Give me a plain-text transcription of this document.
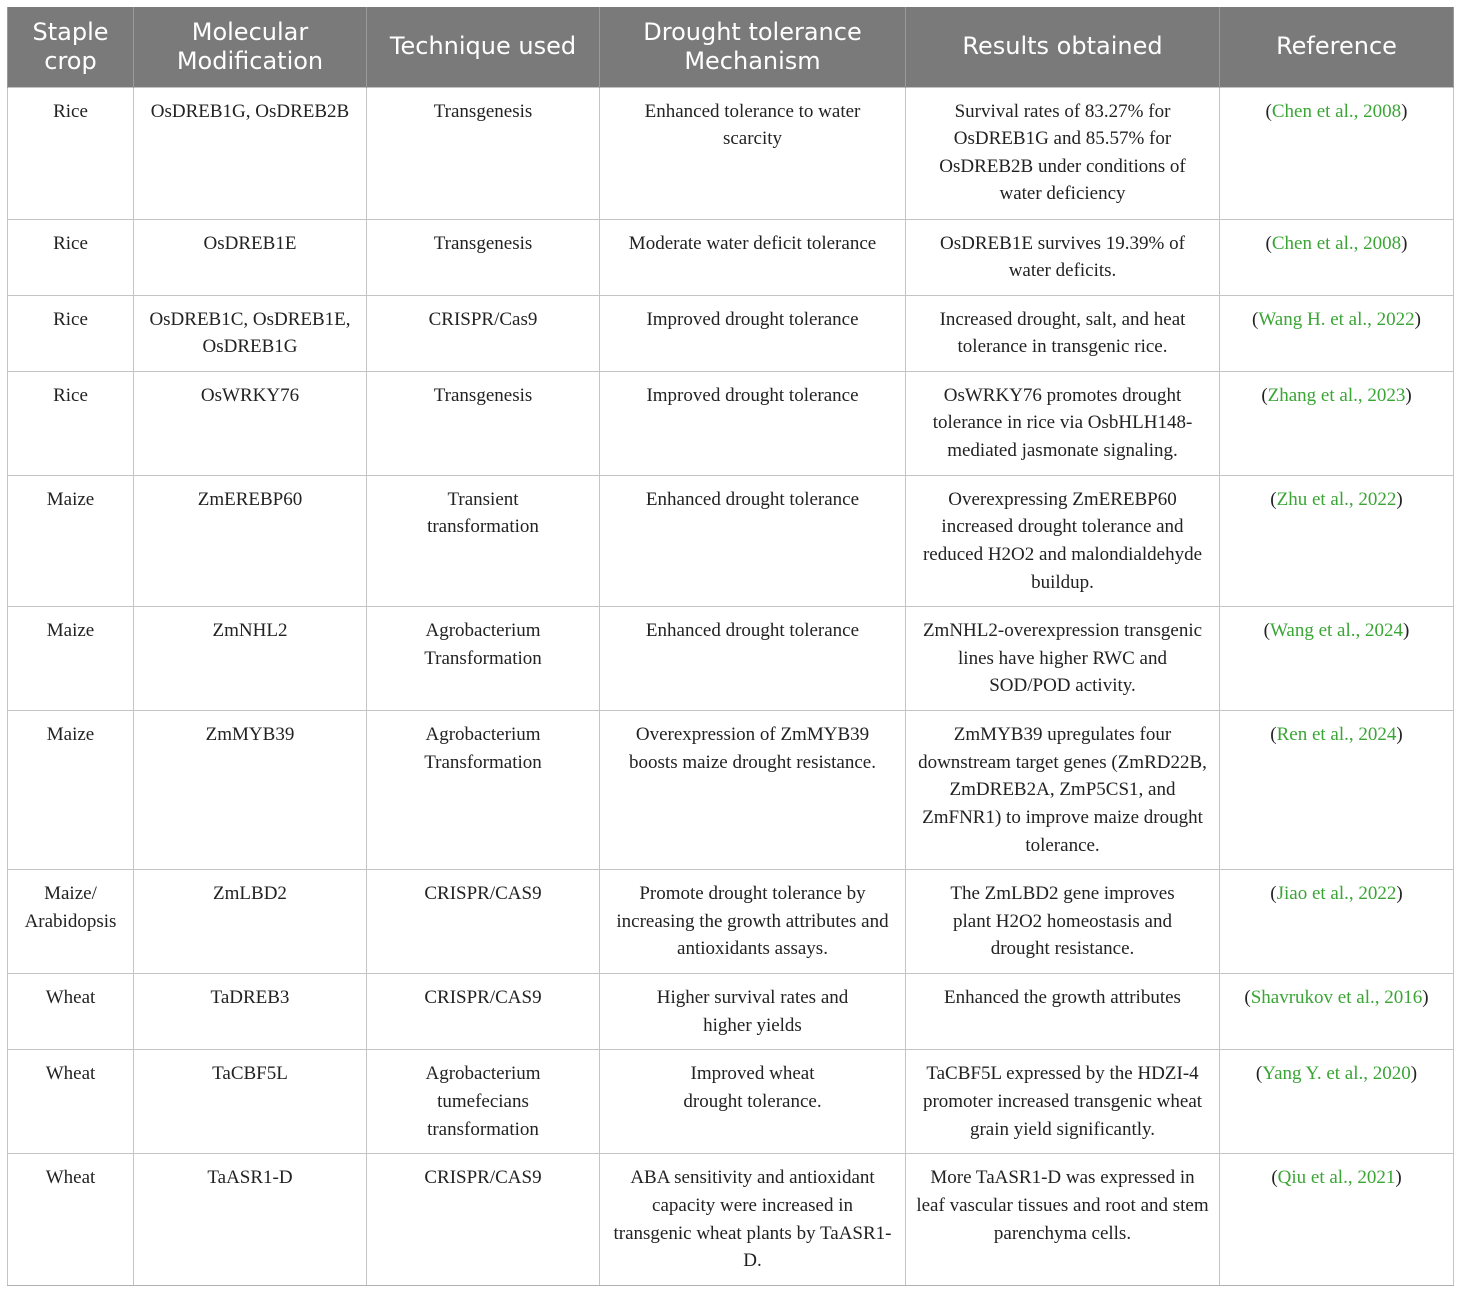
Staple crop	Molecular Modification	Technique used	Drought tolerance Mechanism	Results obtained	Reference
Rice	OsDREB1G, OsDREB2B	Transgenesis	Enhanced tolerance to water scarcity	Survival rates of 83.27% for OsDREB1G and 85.57% for OsDREB2B under conditions of water deficiency	(Chen et al., 2008)
Rice	OsDREB1E	Transgenesis	Moderate water deficit tolerance	OsDREB1E survives 19.39% of water deficits.	(Chen et al., 2008)
Rice	OsDREB1C, OsDREB1E, OsDREB1G	CRISPR/Cas9	Improved drought tolerance	Increased drought, salt, and heat tolerance in transgenic rice.	(Wang H. et al., 2022)
Rice	OsWRKY76	Transgenesis	Improved drought tolerance	OsWRKY76 promotes drought tolerance in rice via OsbHLH148-mediated jasmonate signaling.	(Zhang et al., 2023)
Maize	ZmEREBP60	Transient transformation	Enhanced drought tolerance	Overexpressing ZmEREBP60 increased drought tolerance and reduced H2O2 and malondialdehyde buildup.	(Zhu et al., 2022)
Maize	ZmNHL2	Agrobacterium Transformation	Enhanced drought tolerance	ZmNHL2-overexpression transgenic lines have higher RWC and SOD/POD activity.	(Wang et al., 2024)
Maize	ZmMYB39	Agrobacterium Transformation	Overexpression of ZmMYB39 boosts maize drought resistance.	ZmMYB39 upregulates four downstream target genes (ZmRD22B, ZmDREB2A, ZmP5CS1, and ZmFNR1) to improve maize drought tolerance.	(Ren et al., 2024)
Maize/ Arabidopsis	ZmLBD2	CRISPR/CAS9	Promote drought tolerance by increasing the growth attributes and antioxidants assays.	The ZmLBD2 gene improves plant H2O2 homeostasis and drought resistance.	(Jiao et al., 2022)
Wheat	TaDREB3	CRISPR/CAS9	Higher survival rates and higher yields	Enhanced the growth attributes	(Shavrukov et al., 2016)
Wheat	TaCBF5L	Agrobacterium tumefecians transformation	Improved wheat drought tolerance.	TaCBF5L expressed by the HDZI-4 promoter increased transgenic wheat grain yield significantly.	(Yang Y. et al., 2020)
Wheat	TaASR1-D	CRISPR/CAS9	ABA sensitivity and antioxidant capacity were increased in transgenic wheat plants by TaASR1-D.	More TaASR1-D was expressed in leaf vascular tissues and root and stem parenchyma cells.	(Qiu et al., 2021)
